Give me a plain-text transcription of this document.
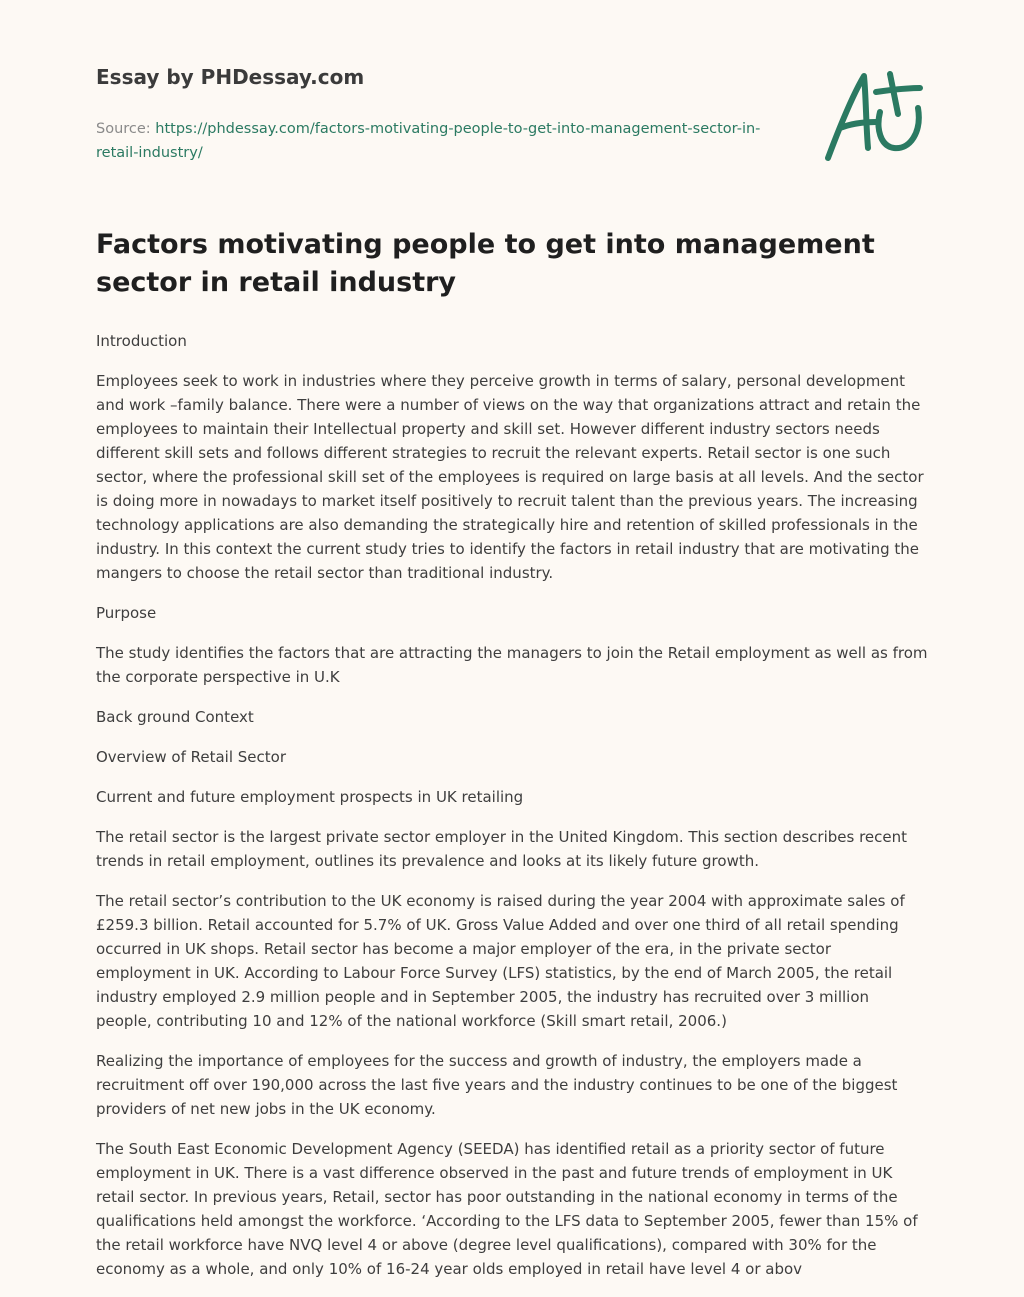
Essay by PHDessay.com
Source: https://phdessay.com/factors-motivating-people-to-get-into-management-sector-in-retail-industry/
Factors motivating people to get into management sector in retail industry

Introduction

Employees seek to work in industries where they perceive growth in terms of salary, personal development and work –family balance. There were a number of views on the way that organizations attract and retain the employees to maintain their Intellectual property and skill set. However different industry sectors needs different skill sets and follows different strategies to recruit the relevant experts. Retail sector is one such sector, where the professional skill set of the employees is required on large basis at all levels. And the sector is doing more in nowadays to market itself positively to recruit talent than the previous years. The increasing technology applications are also demanding the strategically hire and retention of skilled professionals in the industry. In this context the current study tries to identify the factors in retail industry that are motivating the mangers to choose the retail sector than traditional industry.

Purpose

The study identifies the factors that are attracting the managers to join the Retail employment as well as from the corporate perspective in U.K

Back ground Context

Overview of Retail Sector

Current and future employment prospects in UK retailing

The retail sector is the largest private sector employer in the United Kingdom. This section describes recent trends in retail employment, outlines its prevalence and looks at its likely future growth.

The retail sector’s contribution to the UK economy is raised during the year 2004 with approximate sales of £259.3 billion. Retail accounted for 5.7% of UK. Gross Value Added and over one third of all retail spending occurred in UK shops. Retail sector has become a major employer of the era, in the private sector employment in UK. According to Labour Force Survey (LFS) statistics, by the end of March 2005, the retail industry employed 2.9 million people and in September 2005, the industry has recruited over 3 million people, contributing 10 and 12% of the national workforce (Skill smart retail, 2006.)

Realizing the importance of employees for the success and growth of industry, the employers made a recruitment off over 190,000 across the last five years and the industry continues to be one of the biggest providers of net new jobs in the UK economy.

The South East Economic Development Agency (SEEDA) has identified retail as a priority sector of future employment in UK. There is a vast difference observed in the past and future trends of employment in UK retail sector. In previous years, Retail, sector has poor outstanding in the national economy in terms of the qualifications held amongst the workforce. ‘According to the LFS data to September 2005, fewer than 15% of the retail workforce have NVQ level 4 or above (degree level qualifications), compared with 30% for the economy as a whole, and only 10% of 16-24 year olds employed in retail have level 4 or abov
